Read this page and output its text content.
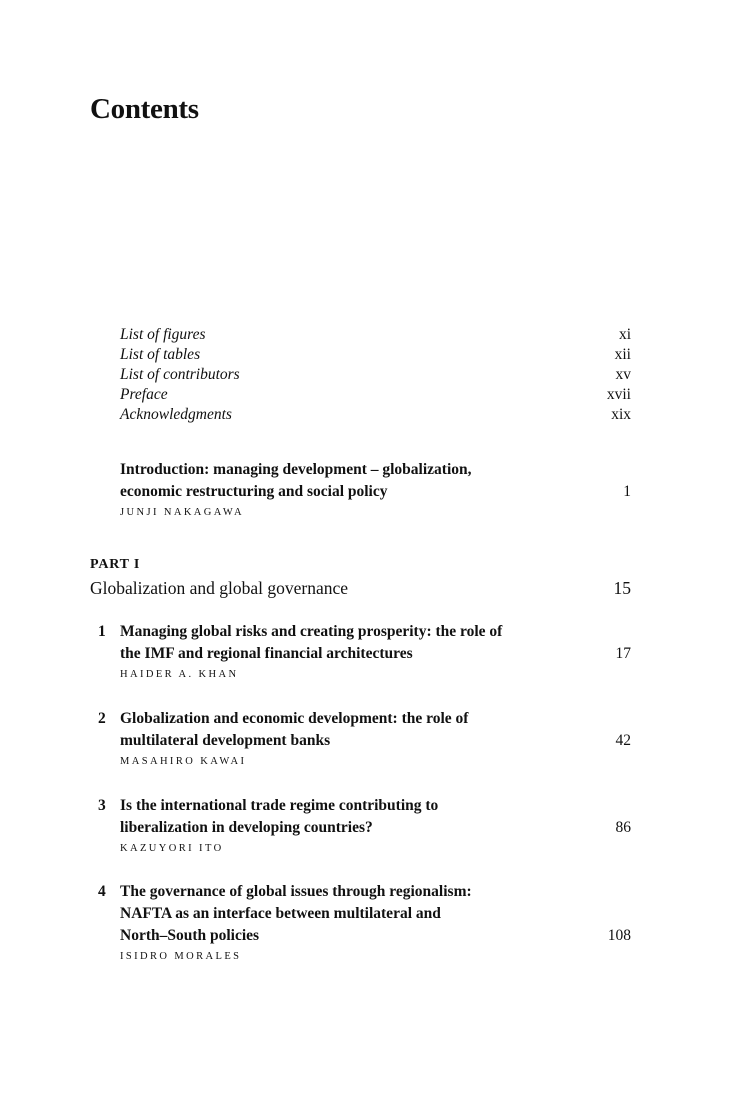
Contents
List of figures	xi
List of tables	xii
List of contributors	xv
Preface	xvii
Acknowledgments	xix
Introduction: managing development – globalization,
economic restructuring and social policy	1
JUNJI NAKAGAWA
PART I
Globalization and global governance	15
1 Managing global risks and creating prosperity: the role of
the IMF and regional financial architectures	17
HAIDER A. KHAN
2 Globalization and economic development: the role of
multilateral development banks	42
MASAHIRO KAWAI
3 Is the international trade regime contributing to
liberalization in developing countries?	86
KAZUYORI ITO
4 The governance of global issues through regionalism:
NAFTA as an interface between multilateral and
North–South policies	108
ISIDRO MORALES
